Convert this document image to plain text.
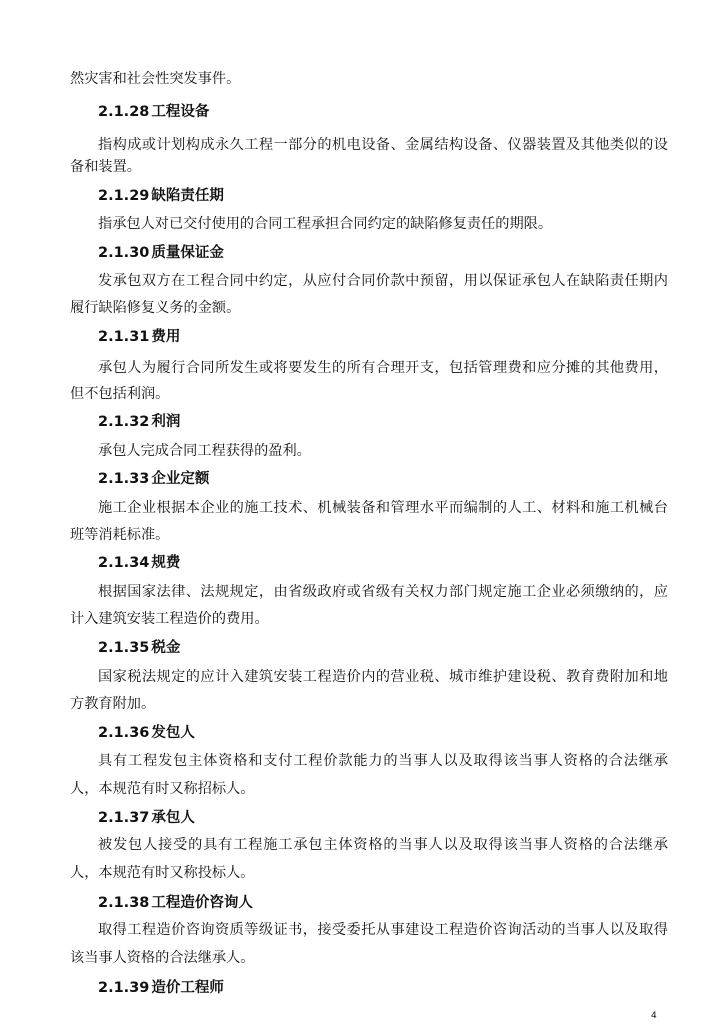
然灾害和社会性突发事件。
2.1.28 工程设备
指构成或计划构成永久工程一部分的机电设备、金属结构设备、仪器装置及其他类似的设
备和装置。
2.1.29 缺陷责任期
指承包人对已交付使用的合同工程承担合同约定的缺陷修复责任的期限。
2.1.30 质量保证金
发承包双方在工程合同中约定，从应付合同价款中预留，用以保证承包人在缺陷责任期内
履行缺陷修复义务的金额。
2.1.31 费用
承包人为履行合同所发生或将要发生的所有合理开支，包括管理费和应分摊的其他费用，
但不包括利润。
2.1.32 利润
承包人完成合同工程获得的盈利。
2.1.33 企业定额
施工企业根据本企业的施工技术、机械装备和管理水平而编制的人工、材料和施工机械台
班等消耗标准。
2.1.34 规费
根据国家法律、法规规定，由省级政府或省级有关权力部门规定施工企业必须缴纳的，应
计入建筑安装工程造价的费用。
2.1.35 税金
国家税法规定的应计入建筑安装工程造价内的营业税、城市维护建设税、教育费附加和地
方教育附加。
2.1.36 发包人
具有工程发包主体资格和支付工程价款能力的当事人以及取得该当事人资格的合法继承
人，本规范有时又称招标人。
2.1.37 承包人
被发包人接受的具有工程施工承包主体资格的当事人以及取得该当事人资格的合法继承
人，本规范有时又称投标人。
2.1.38 工程造价咨询人
取得工程造价咨询资质等级证书，接受委托从事建设工程造价咨询活动的当事人以及取得
该当事人资格的合法继承人。
2.1.39 造价工程师
4
